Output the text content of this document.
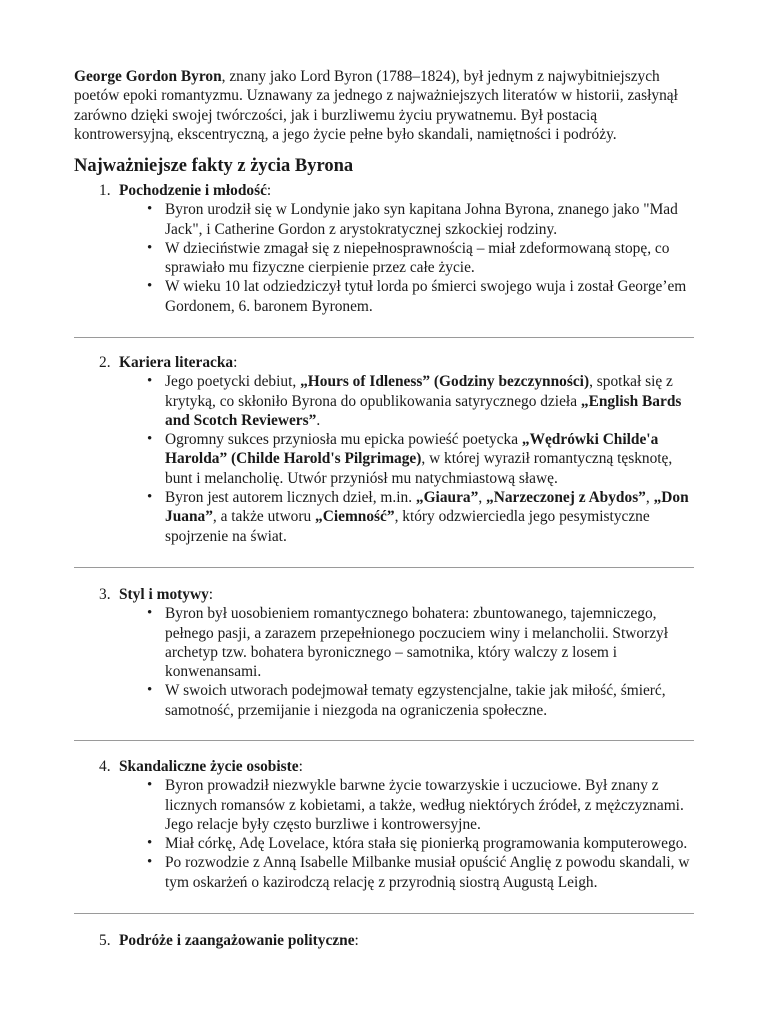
George Gordon Byron, znany jako Lord Byron (1788–1824), był jednym z najwybitniejszych poetów epoki romantyzmu. Uznawany za jednego z najważniejszych literatów w historii, zasłynął zarówno dzięki swojej twórczości, jak i burzliwemu życiu prywatnemu. Był postacią kontrowersyjną, ekscentryczną, a jego życie pełne było skandali, namiętności i podróży.

Najważniejsze fakty z życia Byrona
1. Pochodzenie i młodość:
• Byron urodził się w Londynie jako syn kapitana Johna Byrona, znanego jako "Mad Jack", i Catherine Gordon z arystokratycznej szkockiej rodziny.
• W dzieciństwie zmagał się z niepełnosprawnością – miał zdeformowaną stopę, co sprawiało mu fizyczne cierpienie przez całe życie.
• W wieku 10 lat odziedziczył tytuł lorda po śmierci swojego wuja i został George’em Gordonem, 6. baronem Byronem.
2. Kariera literacka:
• Jego poetycki debiut, „Hours of Idleness” (Godziny bezczynności), spotkał się z krytyką, co skłoniło Byrona do opublikowania satyrycznego dzieła „English Bards and Scotch Reviewers”.
• Ogromny sukces przyniosła mu epicka powieść poetycka „Wędrówki Childe'a Harolda” (Childe Harold's Pilgrimage), w której wyraził romantyczną tęsknotę, bunt i melancholię. Utwór przyniósł mu natychmiastową sławę.
• Byron jest autorem licznych dzieł, m.in. „Giaura”, „Narzeczonej z Abydos”, „Don Juana”, a także utworu „Ciemność”, który odzwierciedla jego pesymistyczne spojrzenie na świat.
3. Styl i motywy:
• Byron był uosobieniem romantycznego bohatera: zbuntowanego, tajemniczego, pełnego pasji, a zarazem przepełnionego poczuciem winy i melancholii. Stworzył archetyp tzw. bohatera byronicznego – samotnika, który walczy z losem i konwenansami.
• W swoich utworach podejmował tematy egzystencjalne, takie jak miłość, śmierć, samotność, przemijanie i niezgoda na ograniczenia społeczne.
4. Skandaliczne życie osobiste:
• Byron prowadził niezwykle barwne życie towarzyskie i uczuciowe. Był znany z licznych romansów z kobietami, a także, według niektórych źródeł, z mężczyznami. Jego relacje były często burzliwe i kontrowersyjne.
• Miał córkę, Adę Lovelace, która stała się pionierką programowania komputerowego.
• Po rozwodzie z Anną Isabelle Milbanke musiał opuścić Anglię z powodu skandali, w tym oskarżeń o kazirodczą relację z przyrodnią siostrą Augustą Leigh.
5. Podróże i zaangażowanie polityczne:
